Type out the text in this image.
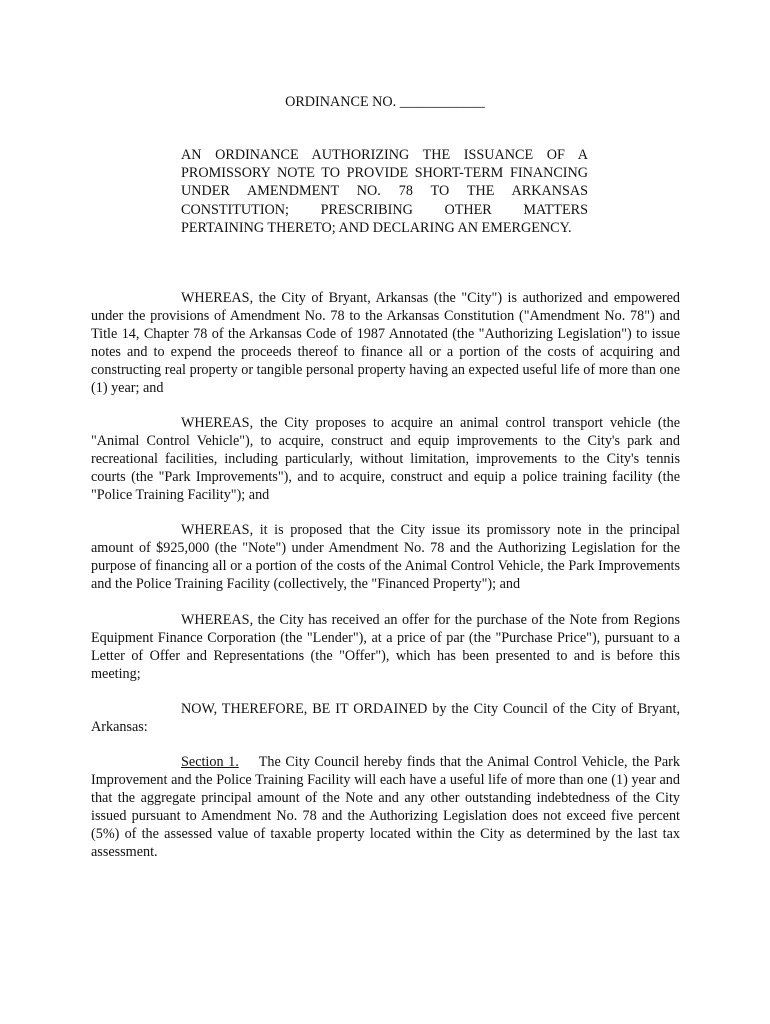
ORDINANCE NO. ____________
AN ORDINANCE AUTHORIZING THE ISSUANCE OF A PROMISSORY NOTE TO PROVIDE SHORT-TERM FINANCING UNDER AMENDMENT NO. 78 TO THE ARKANSAS CONSTITUTION; PRESCRIBING OTHER MATTERS PERTAINING THERETO; AND DECLARING AN EMERGENCY.

WHEREAS, the City of Bryant, Arkansas (the "City") is authorized and empowered under the provisions of Amendment No. 78 to the Arkansas Constitution ("Amendment No. 78") and Title 14, Chapter 78 of the Arkansas Code of 1987 Annotated (the "Authorizing Legislation") to issue notes and to expend the proceeds thereof to finance all or a portion of the costs of acquiring and constructing real property or tangible personal property having an expected useful life of more than one (1) year; and

WHEREAS, the City proposes to acquire an animal control transport vehicle (the "Animal Control Vehicle"), to acquire, construct and equip improvements to the City's park and recreational facilities, including particularly, without limitation, improvements to the City's tennis courts (the "Park Improvements"), and to acquire, construct and equip a police training facility (the "Police Training Facility"); and

WHEREAS, it is proposed that the City issue its promissory note in the principal amount of $925,000 (the "Note") under Amendment No. 78 and the Authorizing Legislation for the purpose of financing all or a portion of the costs of the Animal Control Vehicle, the Park Improvements and the Police Training Facility (collectively, the "Financed Property"); and

WHEREAS, the City has received an offer for the purchase of the Note from Regions Equipment Finance Corporation (the "Lender"), at a price of par (the "Purchase Price"), pursuant to a Letter of Offer and Representations (the "Offer"), which has been presented to and is before this meeting;

NOW, THEREFORE, BE IT ORDAINED by the City Council of the City of Bryant, Arkansas:

Section 1. The City Council hereby finds that the Animal Control Vehicle, the Park Improvement and the Police Training Facility will each have a useful life of more than one (1) year and that the aggregate principal amount of the Note and any other outstanding indebtedness of the City issued pursuant to Amendment No. 78 and the Authorizing Legislation does not exceed five percent (5%) of the assessed value of taxable property located within the City as determined by the last tax assessment.
